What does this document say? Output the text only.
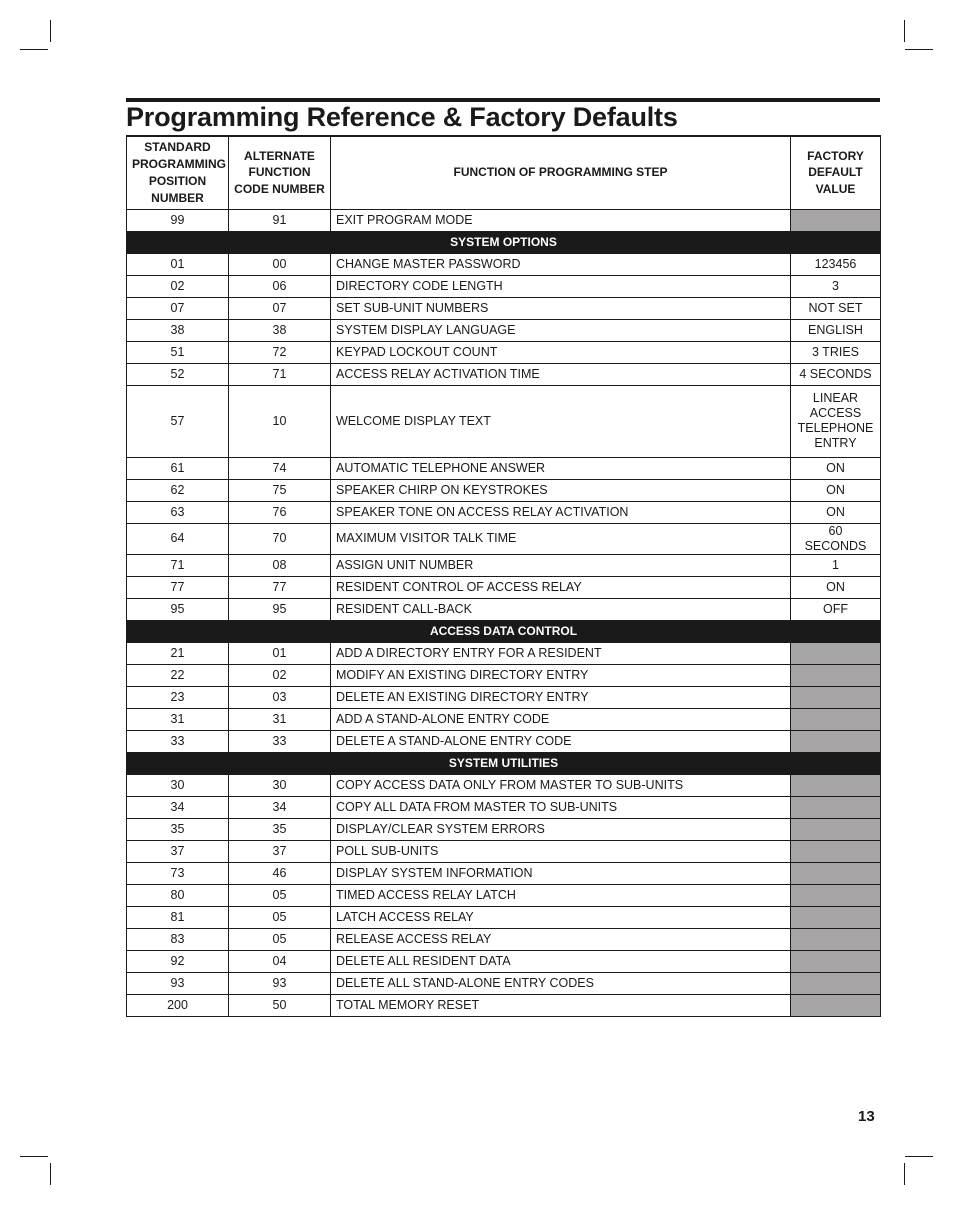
Programming Reference & Factory Defaults
STANDARD PROGRAMMING POSITION NUMBER	ALTERNATE FUNCTION CODE NUMBER	FUNCTION OF PROGRAMMING STEP	FACTORY DEFAULT VALUE
99	91	EXIT PROGRAM MODE	
SYSTEM OPTIONS			
01	00	CHANGE MASTER PASSWORD	123456
02	06	DIRECTORY CODE LENGTH	3
07	07	SET SUB-UNIT NUMBERS	NOT SET
38	38	SYSTEM DISPLAY LANGUAGE	ENGLISH
51	72	KEYPAD LOCKOUT COUNT	3 TRIES
52	71	ACCESS RELAY ACTIVATION TIME	4 SECONDS
57	10	WELCOME DISPLAY TEXT	LINEAR ACCESS TELEPHONE ENTRY
61	74	AUTOMATIC TELEPHONE ANSWER	ON
62	75	SPEAKER CHIRP ON KEYSTROKES	ON
63	76	SPEAKER TONE ON ACCESS RELAY ACTIVATION	ON
64	70	MAXIMUM VISITOR TALK TIME	60 SECONDS
71	08	ASSIGN UNIT NUMBER	1
77	77	RESIDENT CONTROL OF ACCESS RELAY	ON
95	95	RESIDENT CALL-BACK	OFF
ACCESS DATA CONTROL			
21	01	ADD A DIRECTORY ENTRY FOR A RESIDENT	
22	02	MODIFY AN EXISTING DIRECTORY ENTRY	
23	03	DELETE AN EXISTING DIRECTORY ENTRY	
31	31	ADD A STAND-ALONE ENTRY CODE	
33	33	DELETE A STAND-ALONE ENTRY CODE	
SYSTEM UTILITIES			
30	30	COPY ACCESS DATA ONLY FROM MASTER TO SUB-UNITS	
34	34	COPY ALL DATA FROM MASTER TO SUB-UNITS	
35	35	DISPLAY/CLEAR SYSTEM ERRORS	
37	37	POLL SUB-UNITS	
73	46	DISPLAY SYSTEM INFORMATION	
80	05	TIMED ACCESS RELAY LATCH	
81	05	LATCH ACCESS RELAY	
83	05	RELEASE ACCESS RELAY	
92	04	DELETE ALL RESIDENT DATA	
93	93	DELETE ALL STAND-ALONE ENTRY CODES	
200	50	TOTAL MEMORY RESET	
13
